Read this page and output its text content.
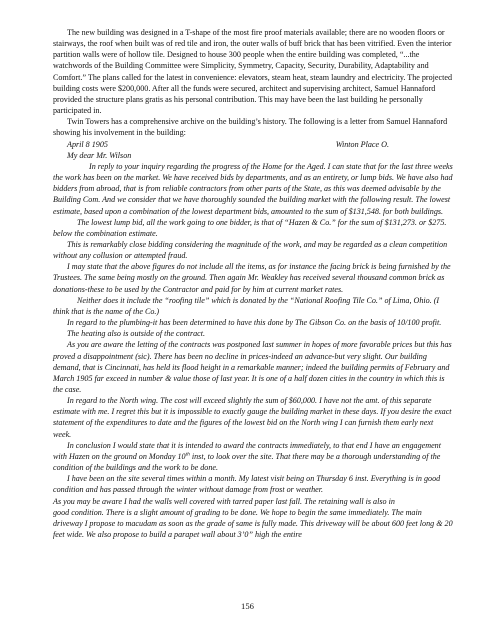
The new building was designed in a T-shape of the most fire proof materials available; there are no wooden floors or stairways, the roof when built was of red tile and iron, the outer walls of buff brick that has been vitrified. Even the interior partition walls were of hollow tile. Designed to house 300 people when the entire building was completed, “...the watchwords of the Building Committee were Simplicity, Symmetry, Capacity, Security, Durability, Adaptability and Comfort.” The plans called for the latest in convenience: elevators, steam heat, steam laundry and electricity. The projected building costs were $200,000. After all the funds were secured, architect and supervising architect, Samuel Hannaford provided the structure plans gratis as his personal contribution. This may have been the last building he personally participated in.

Twin Towers has a comprehensive archive on the building’s history. The following is a letter from Samuel Hannaford showing his involvement in the building:

April 8 1905	Winton Place O.

My dear Mr. Wilson

In reply to your inquiry regarding the progress of the Home for the Aged. I can state that for the last three weeks the work has been on the market. We have received bids by departments, and as an entirety, or lump bids. We have also had bidders from abroad, that is from reliable contractors from other parts of the State, as this was deemed advisable by the Building Com. And we consider that we have thoroughly sounded the building market with the following result. The lowest estimate, based upon a combination of the lowest department bids, amounted to the sum of $131,548. for both buildings.

The lowest lump bid, all the work going to one bidder, is that of “Hazen & Co.” for the sum of $131,273. or $275. below the combination estimate.

This is remarkably close bidding considering the magnitude of the work, and may be regarded as a clean competition without any collusion or attempted fraud.

I may state that the above figures do not include all the items, as for instance the facing brick is being furnished by the Trustees. The same being mostly on the ground. Then again Mr. Weakley has received several thousand common brick as donations-these to be used by the Contractor and paid for by him at current market rates.

Neither does it include the “roofing tile” which is donated by the “National Roofing Tile Co.” of Lima, Ohio. (I think that is the name of the Co.)

In regard to the plumbing-it has been determined to have this done by The Gibson Co. on the basis of 10/100 profit.

The heating also is outside of the contract.

As you are aware the letting of the contracts was postponed last summer in hopes of more favorable prices but this has proved a disappointment (sic). There has been no decline in prices-indeed an advance-but very slight. Our building demand, that is Cincinnati, has held its flood height in a remarkable manner; indeed the building permits of February and March 1905 far exceed in number & value those of last year. It is one of a half dozen cities in the country in which this is the case.

In regard to the North wing. The cost will exceed slightly the sum of $60,000. I have not the amt. of this separate estimate with me. I regret this but it is impossible to exactly gauge the building market in these days. If you desire the exact statement of the expenditures to date and the figures of the lowest bid on the North wing I can furnish them early next week.

In conclusion I would state that it is intended to award the contracts immediately, to that end I have an engagement with Hazen on the ground on Monday 10th inst, to look over the site. That there may be a thorough understanding of the condition of the buildings and the work to be done.

I have been on the site several times within a month. My latest visit being on Thursday 6 inst. Everything is in good condition and has passed through the winter without damage from frost or weather.
As you may be aware I had the walls well covered with tarred paper last fall. The retaining wall is also in

good condition. There is a slight amount of grading to be done. We hope to begin the same immediately. The main driveway I propose to macudam as soon as the grade of same is fully made. This driveway will be about 600 feet long & 20 feet wide. We also propose to build a parapet wall about 3’0” high the entire

156
